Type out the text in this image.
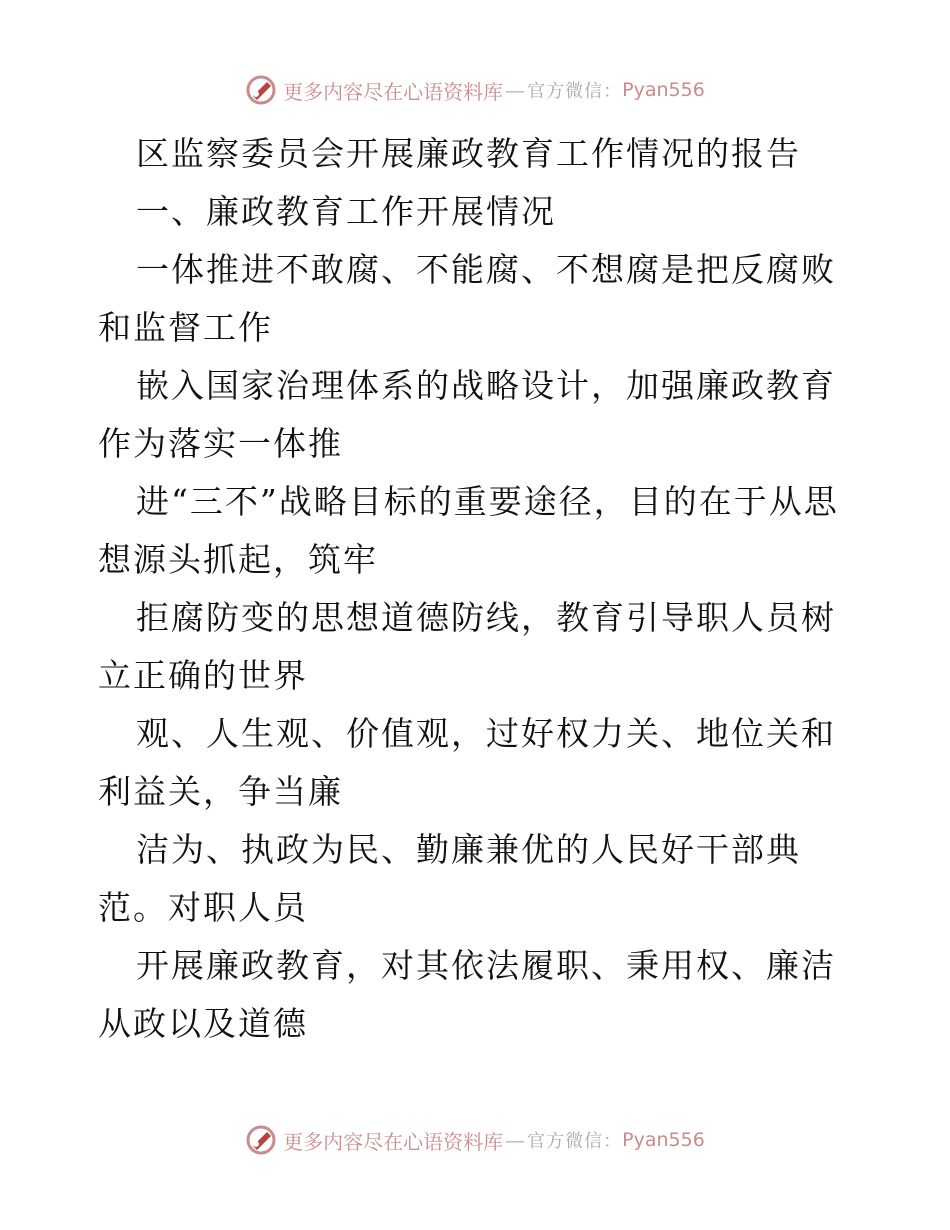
更多内容尽在心语资料库 — 官方微信： Pyan556

区监察委员会开展廉政教育工作情况的报告

一、廉政教育工作开展情况

一体推进不敢腐、不能腐、不想腐是把反腐败和监督工作

嵌入国家治理体系的战略设计，加强廉政教育作为落实一体推

进“三不”战略目标的重要途径，目的在于从思想源头抓起，筑牢

拒腐防变的思想道德防线，教育引导职人员树立正确的世界

观、人生观、价值观，过好权力关、地位关和利益关，争当廉

洁为、执政为民、勤廉兼优的人民好干部典范。对职人员

开展廉政教育，对其依法履职、秉用权、廉洁从政以及道德

更多内容尽在心语资料库 — 官方微信： Pyan556
